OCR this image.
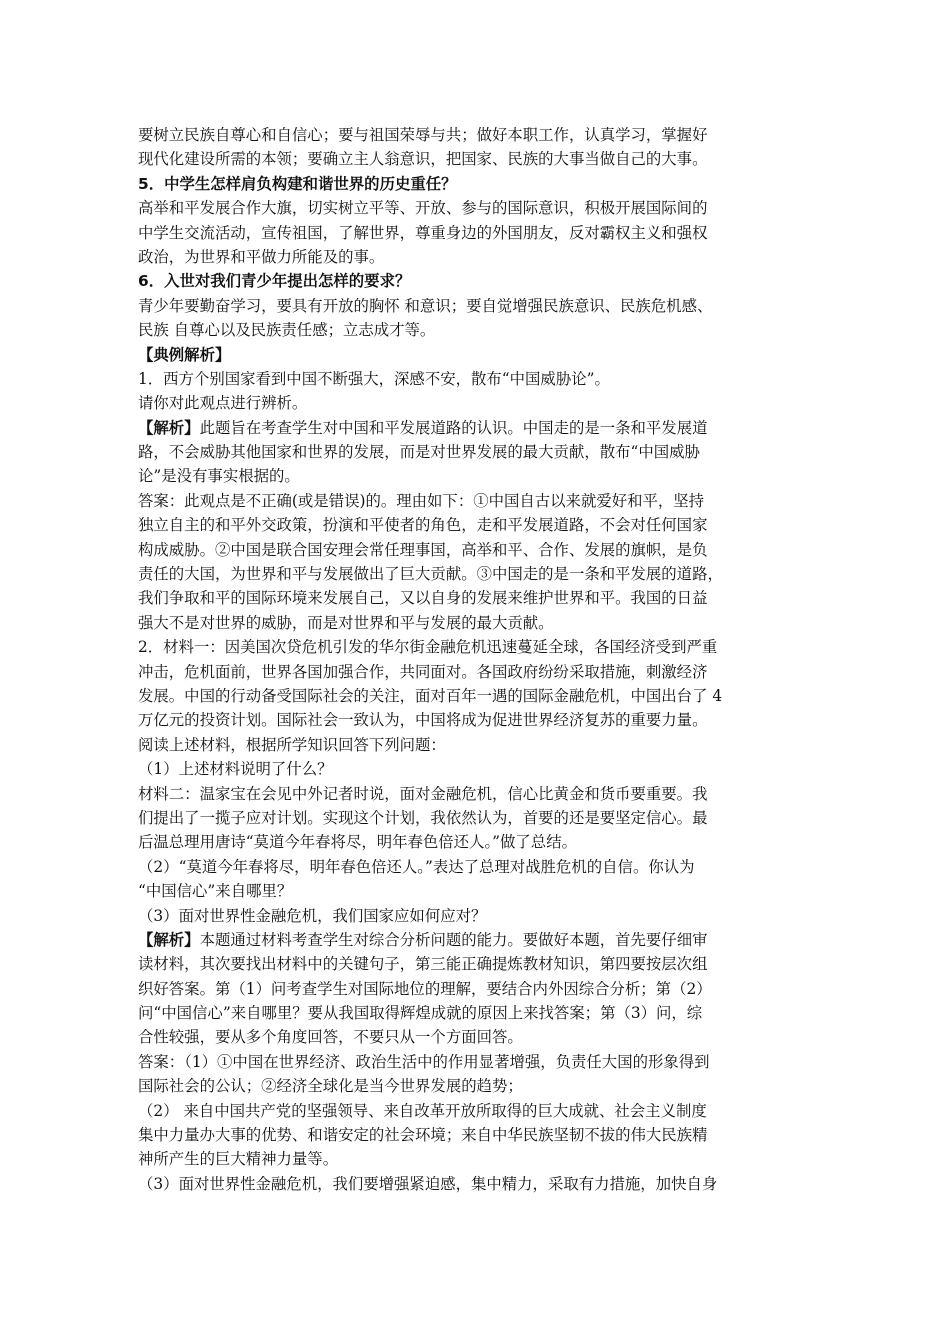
要树立民族自尊心和自信心；要与祖国荣辱与共；做好本职工作，认真学习，掌握好
现代化建设所需的本领；要确立主人翁意识，把国家、民族的大事当做自己的大事。
5．中学生怎样肩负构建和谐世界的历史重任？
高举和平发展合作大旗，切实树立平等、开放、参与的国际意识，积极开展国际间的
中学生交流活动，宣传祖国，了解世界，尊重身边的外国朋友，反对霸权主义和强权
政治，为世界和平做力所能及的事。
6．入世对我们青少年提出怎样的要求？
青少年要勤奋学习，要具有开放的胸怀 和意识；要自觉增强民族意识、民族危机感、
民族 自尊心以及民族责任感；立志成才等。
【典例解析】
1．西方个别国家看到中国不断强大，深感不安，散布“中国威胁论”。
请你对此观点进行辨析。
【解析】此题旨在考查学生对中国和平发展道路的认识。中国走的是一条和平发展道
路，不会威胁其他国家和世界的发展，而是对世界发展的最大贡献，散布“中国威胁
论”是没有事实根据的。
答案：此观点是不正确(或是错误)的。理由如下：①中国自古以来就爱好和平，坚持
独立自主的和平外交政策，扮演和平使者的角色，走和平发展道路，不会对任何国家
构成威胁。②中国是联合国安理会常任理事国，高举和平、合作、发展的旗帜，是负
责任的大国，为世界和平与发展做出了巨大贡献。③中国走的是一条和平发展的道路，
我们争取和平的国际环境来发展自己，又以自身的发展来维护世界和平。我国的日益
强大不是对世界的威胁，而是对世界和平与发展的最大贡献。
2．材料一：因美国次贷危机引发的华尔街金融危机迅速蔓延全球，各国经济受到严重
冲击，危机面前，世界各国加强合作，共同面对。各国政府纷纷采取措施，刺激经济
发展。中国的行动备受国际社会的关注，面对百年一遇的国际金融危机，中国出台了 4
万亿元的投资计划。国际社会一致认为，中国将成为促进世界经济复苏的重要力量。
阅读上述材料，根据所学知识回答下列问题：
（1）上述材料说明了什么？
材料二：温家宝在会见中外记者时说，面对金融危机，信心比黄金和货币要重要。我
们提出了一揽子应对计划。实现这个计划，我依然认为，首要的还是要坚定信心。最
后温总理用唐诗“莫道今年春将尽，明年春色倍还人。”做了总结。
（2）“莫道今年春将尽，明年春色倍还人。”表达了总理对战胜危机的自信。你认为
“中国信心”来自哪里？
（3）面对世界性金融危机，我们国家应如何应对？
【解析】本题通过材料考查学生对综合分析问题的能力。要做好本题，首先要仔细审
读材料，其次要找出材料中的关键句子，第三能正确提炼教材知识，第四要按层次组
织好答案。第（1）问考查学生对国际地位的理解，要结合内外因综合分析；第（2）
问“中国信心”来自哪里？要从我国取得辉煌成就的原因上来找答案；第（3）问，综
合性较强，要从多个角度回答，不要只从一个方面回答。
答案：（1）①中国在世界经济、政治生活中的作用显著增强，负责任大国的形象得到
国际社会的公认；②经济全球化是当今世界发展的趋势；
（2） 来自中国共产党的坚强领导、来自改革开放所取得的巨大成就、社会主义制度
集中力量办大事的优势、和谐安定的社会环境；来自中华民族坚韧不拔的伟大民族精
神所产生的巨大精神力量等。
（3）面对世界性金融危机，我们要增强紧迫感，集中精力，采取有力措施，加快自身
